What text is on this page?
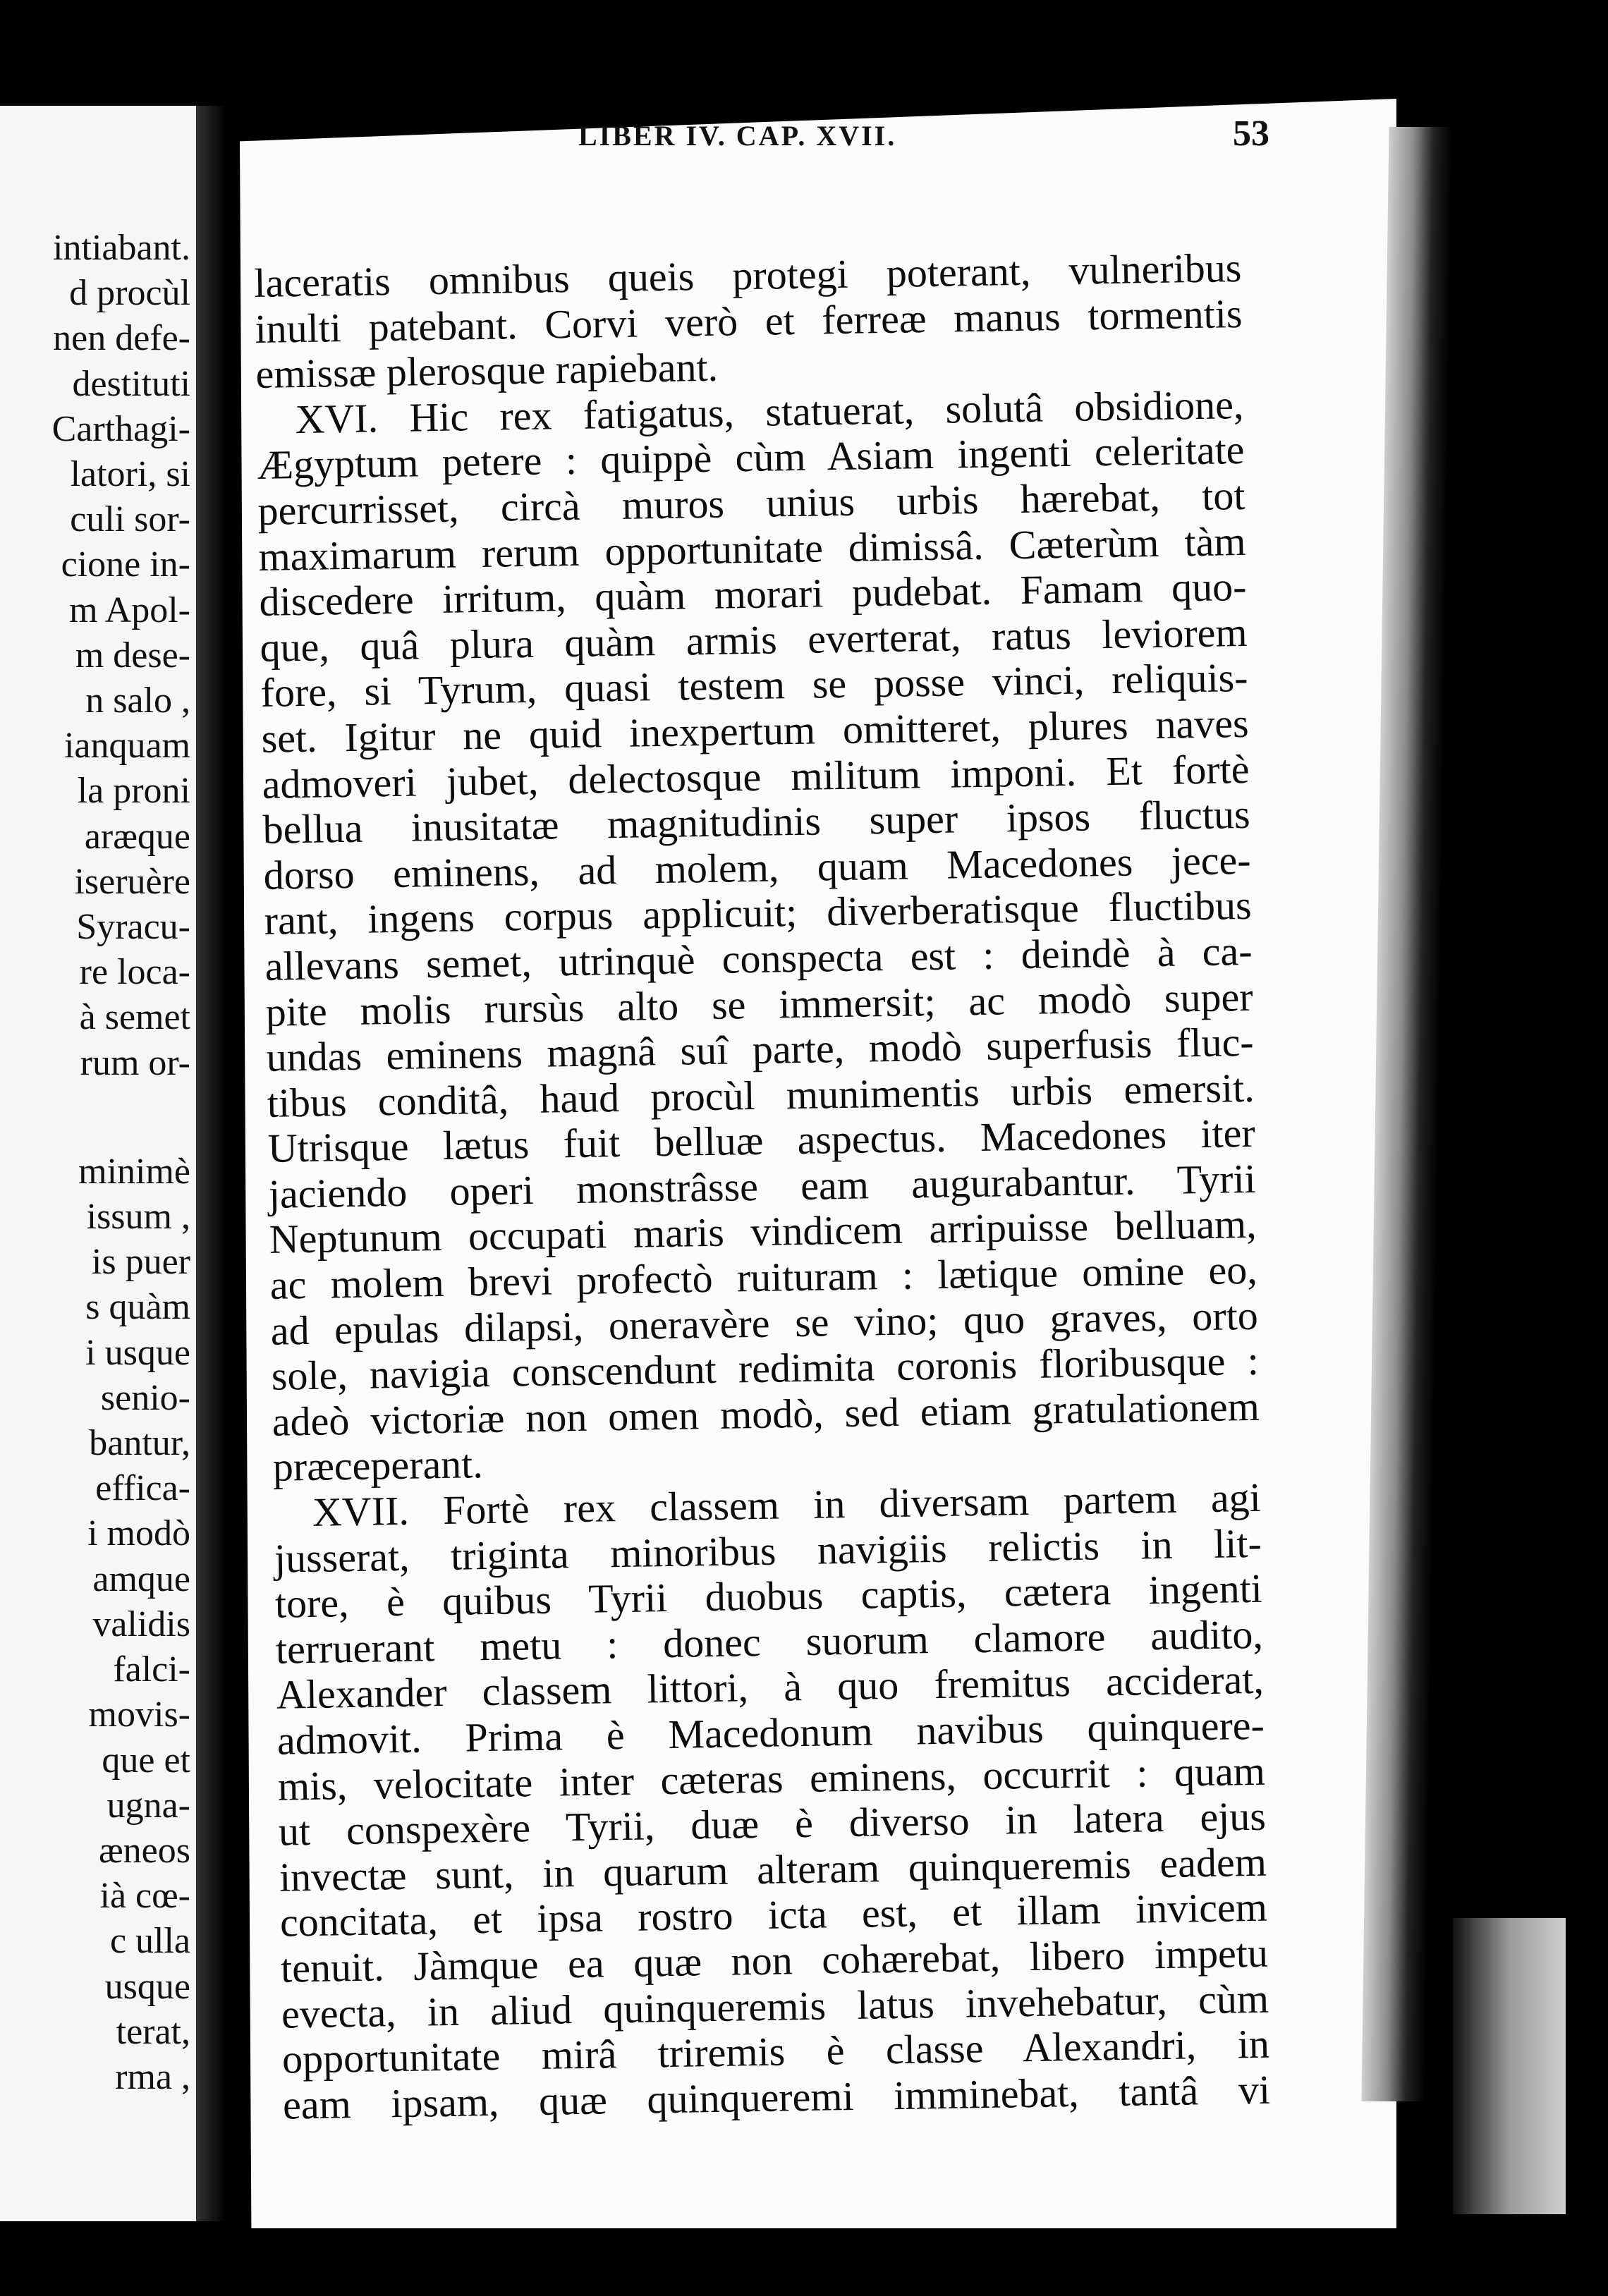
intiabant.
d procùl
nen defe-
destituti
Carthagi-
latori, si
culi sor-
cione in-
m Apol-
m dese-
n salo ,
ianquam
la proni
aræque
iseruère
Syracu-
re loca-
à semet
rum or-
minimè
issum ,
is puer
s quàm
i usque
senio-
bantur,
effica-
i modò
amque
validis
falci-
movis-
que et
ugna-
æneos
ià cœ-
c ulla
usque
terat,
rma ,
LIBER IV. CAP. XVII.	53
laceratis omnibus queis protegi poterant, vulneribus
inulti patebant. Corvi verò et ferreæ manus tormentis
emissæ plerosque rapiebant.
XVI. Hic rex fatigatus, statuerat, solutâ obsidione,
Ægyptum petere : quippè cùm Asiam ingenti celeritate
percurrisset, circà muros unius urbis hærebat, tot
maximarum rerum opportunitate dimissâ. Cæterùm tàm
discedere irritum, quàm morari pudebat. Famam quo-
que, quâ plura quàm armis everterat, ratus leviorem
fore, si Tyrum, quasi testem se posse vinci, reliquis-
set. Igitur ne quid inexpertum omitteret, plures naves
admoveri jubet, delectosque militum imponi. Et fortè
bellua inusitatæ magnitudinis super ipsos fluctus
dorso eminens, ad molem, quam Macedones jece-
rant, ingens corpus applicuit; diverberatisque fluctibus
allevans semet, utrinquè conspecta est : deindè à ca-
pite molis rursùs alto se immersit; ac modò super
undas eminens magnâ suî parte, modò superfusis fluc-
tibus conditâ, haud procùl munimentis urbis emersit.
Utrisque lætus fuit belluæ aspectus. Macedones iter
jaciendo operi monstrâsse eam augurabantur. Tyrii
Neptunum occupati maris vindicem arripuisse belluam,
ac molem brevi profectò ruituram : lætique omine eo,
ad epulas dilapsi, oneravère se vino; quo graves, orto
sole, navigia conscendunt redimita coronis floribusque :
adeò victoriæ non omen modò, sed etiam gratulationem
præceperant.
XVII. Fortè rex classem in diversam partem agi
jusserat, triginta minoribus navigiis relictis in lit-
tore, è quibus Tyrii duobus captis, cætera ingenti
terruerant metu : donec suorum clamore audito,
Alexander classem littori, à quo fremitus acciderat,
admovit. Prima è Macedonum navibus quinquere-
mis, velocitate inter cæteras eminens, occurrit : quam
ut conspexère Tyrii, duæ è diverso in latera ejus
invectæ sunt, in quarum alteram quinqueremis eadem
concitata, et ipsa rostro icta est, et illam invicem
tenuit. Jàmque ea quæ non cohærebat, libero impetu
evecta, in aliud quinqueremis latus invehebatur, cùm
opportunitate mirâ triremis è classe Alexandri, in
eam ipsam, quæ quinqueremi imminebat, tantâ vi
